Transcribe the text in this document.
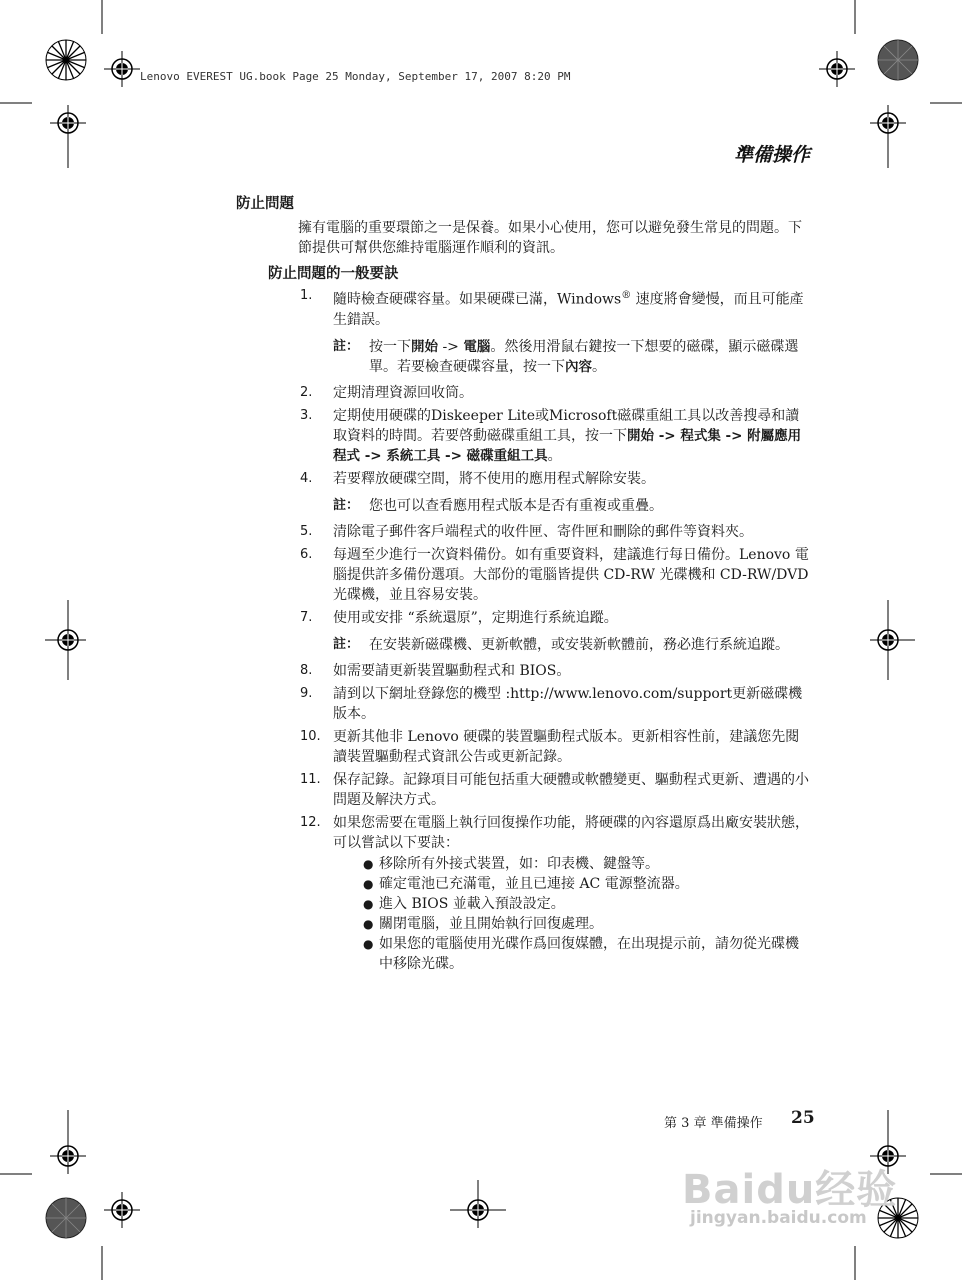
Lenovo EVEREST UG.book Page 25 Monday, September 17, 2007 8:20 PM
準備操作
防止問題
擁有電腦的重要環節之一是保養。如果小心使用，您可以避免發生常見的問題。下節提供可幫供您維持電腦運作順利的資訊。
防止問題的一般要訣
1.	隨時檢查硬碟容量。如果硬碟已滿，Windows® 速度將會變慢，而且可能產生錯誤。
註： 按一下開始 -> 電腦。然後用滑鼠右鍵按一下想要的磁碟，顯示磁碟選單。若要檢查硬碟容量，按一下內容。
2.	定期清理資源回收筒。
3.	定期使用硬碟的Diskeeper Lite或Microsoft磁碟重組工具以改善搜尋和讀取資料的時間。若要啓動磁碟重組工具，按一下開始 -> 程式集 -> 附屬應用程式 -> 系統工具 -> 磁碟重組工具。
4.	若要釋放硬碟空間，將不使用的應用程式解除安裝。
註： 您也可以查看應用程式版本是否有重複或重疊。
5.	清除電子郵件客戶端程式的收件匣、寄件匣和刪除的郵件等資料夾。
6.	每週至少進行一次資料備份。如有重要資料，建議進行每日備份。Lenovo 電腦提供許多備份選項。大部份的電腦皆提供 CD-RW 光碟機和 CD-RW/DVD 光碟機，並且容易安裝。
7.	使用或安排 “系統還原”，定期進行系統追蹤。
註： 在安裝新磁碟機、更新軟體，或安裝新軟體前，務必進行系統追蹤。
8.	如需要請更新裝置驅動程式和 BIOS。
9.	請到以下網址登錄您的機型 :http://www.lenovo.com/support更新磁碟機版本。
10. 更新其他非 Lenovo 硬碟的裝置驅動程式版本。更新相容性前，建議您先閱讀裝置驅動程式資訊公告或更新記錄。
11. 保存記錄。記錄項目可能包括重大硬體或軟體變更、驅動程式更新、遭遇的小問題及解決方式。
12. 如果您需要在電腦上執行回復操作功能，將硬碟的內容還原爲出廠安裝狀態，可以嘗試以下要訣：
● 移除所有外接式裝置，如：印表機、鍵盤等。
● 確定電池已充滿電，並且已連接 AC 電源整流器。
● 進入 BIOS 並載入預設設定。
● 關閉電腦，並且開始執行回復處理。
● 如果您的電腦使用光碟作爲回復媒體，在出現提示前，請勿從光碟機中移除光碟。
第 3 章 準備操作 25
Baidu经验
jingyan.baidu.com
